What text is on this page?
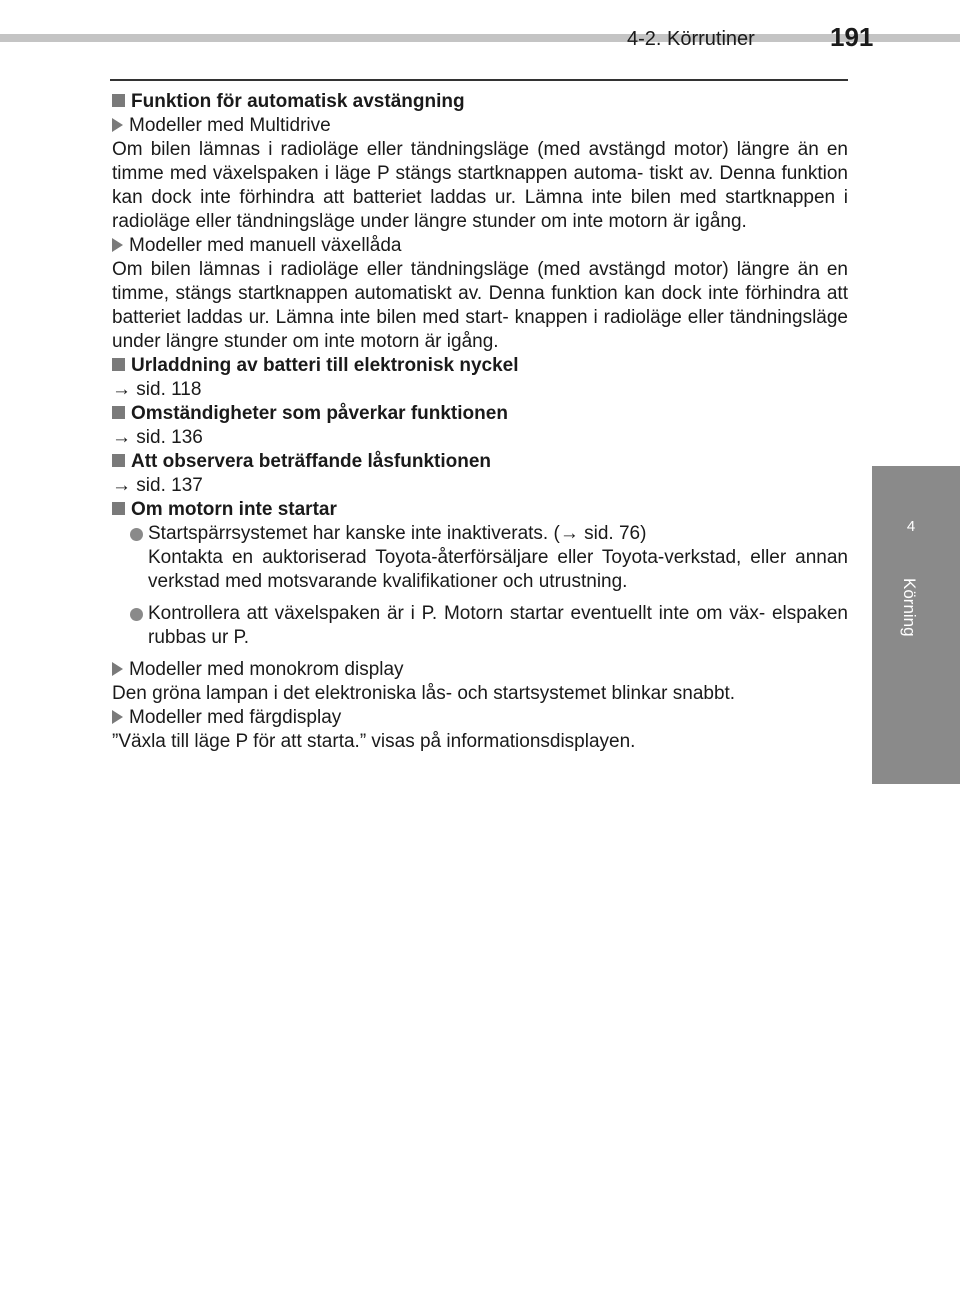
4-2. Körrutiner	191
4
Körning

Funktion för automatisk avstängning

Modeller med Multidrive

Om bilen lämnas i radioläge eller tändningsläge (med avstängd motor) längre än en timme med växelspaken i läge P stängs startknappen automa- tiskt av. Denna funktion kan dock inte förhindra att batteriet laddas ur. Lämna inte bilen med startknappen i radioläge eller tändningsläge under längre stunder om inte motorn är igång.

Modeller med manuell växellåda

Om bilen lämnas i radioläge eller tändningsläge (med avstängd motor) längre än en timme, stängs startknappen automatiskt av. Denna funktion kan dock inte förhindra att batteriet laddas ur. Lämna inte bilen med start- knappen i radioläge eller tändningsläge under längre stunder om inte motorn är igång.

Urladdning av batteri till elektronisk nyckel

→ sid. 118

Omständigheter som påverkar funktionen

→ sid. 136

Att observera beträffande låsfunktionen

→ sid. 137

Om motorn inte startar

Startspärrsystemet har kanske inte inaktiverats. (→ sid. 76)
Kontakta en auktoriserad Toyota-återförsäljare eller Toyota-verkstad, eller annan verkstad med motsvarande kvalifikationer och utrustning.
Kontrollera att växelspaken är i P. Motorn startar eventuellt inte om väx- elspaken rubbas ur P.

Modeller med monokrom display

Den gröna lampan i det elektroniska lås- och startsystemet blinkar snabbt.

Modeller med färgdisplay

”Växla till läge P för att starta.” visas på informationsdisplayen.
